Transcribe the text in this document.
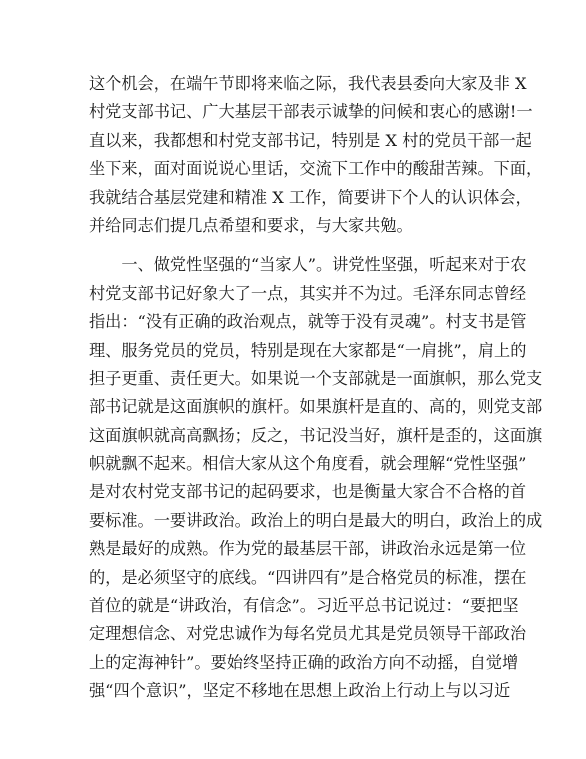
这个机会，在端午节即将来临之际，我代表县委向大家及非 X
村党支部书记、广大基层干部表示诚挚的问候和衷心的感谢!一
直以来，我都想和村党支部书记，特别是 X 村的党员干部一起
坐下来，面对面说说心里话，交流下工作中的酸甜苦辣。下面，
我就结合基层党建和精准 X 工作，简要讲下个人的认识体会，
并给同志们提几点希望和要求，与大家共勉。
　　一、做党性坚强的“当家人”。讲党性坚强，听起来对于农
村党支部书记好象大了一点，其实并不为过。毛泽东同志曾经
指出：“没有正确的政治观点，就等于没有灵魂”。村支书是管
理、服务党员的党员，特别是现在大家都是“一肩挑”，肩上的
担子更重、责任更大。如果说一个支部就是一面旗帜，那么党支
部书记就是这面旗帜的旗杆。如果旗杆是直的、高的，则党支部
这面旗帜就高高飘扬；反之，书记没当好，旗杆是歪的，这面旗
帜就飘不起来。相信大家从这个角度看，就会理解“党性坚强”
是对农村党支部书记的起码要求，也是衡量大家合不合格的首
要标准。一要讲政治。政治上的明白是最大的明白，政治上的成
熟是最好的成熟。作为党的最基层干部，讲政治永远是第一位
的，是必须坚守的底线。“四讲四有”是合格党员的标准，摆在
首位的就是“讲政治，有信念”。习近平总书记说过：“要把坚
定理想信念、对党忠诚作为每名党员尤其是党员领导干部政治
上的定海神针”。要始终坚持正确的政治方向不动摇，自觉增
强“四个意识”，坚定不移地在思想上政治上行动上与以习近
